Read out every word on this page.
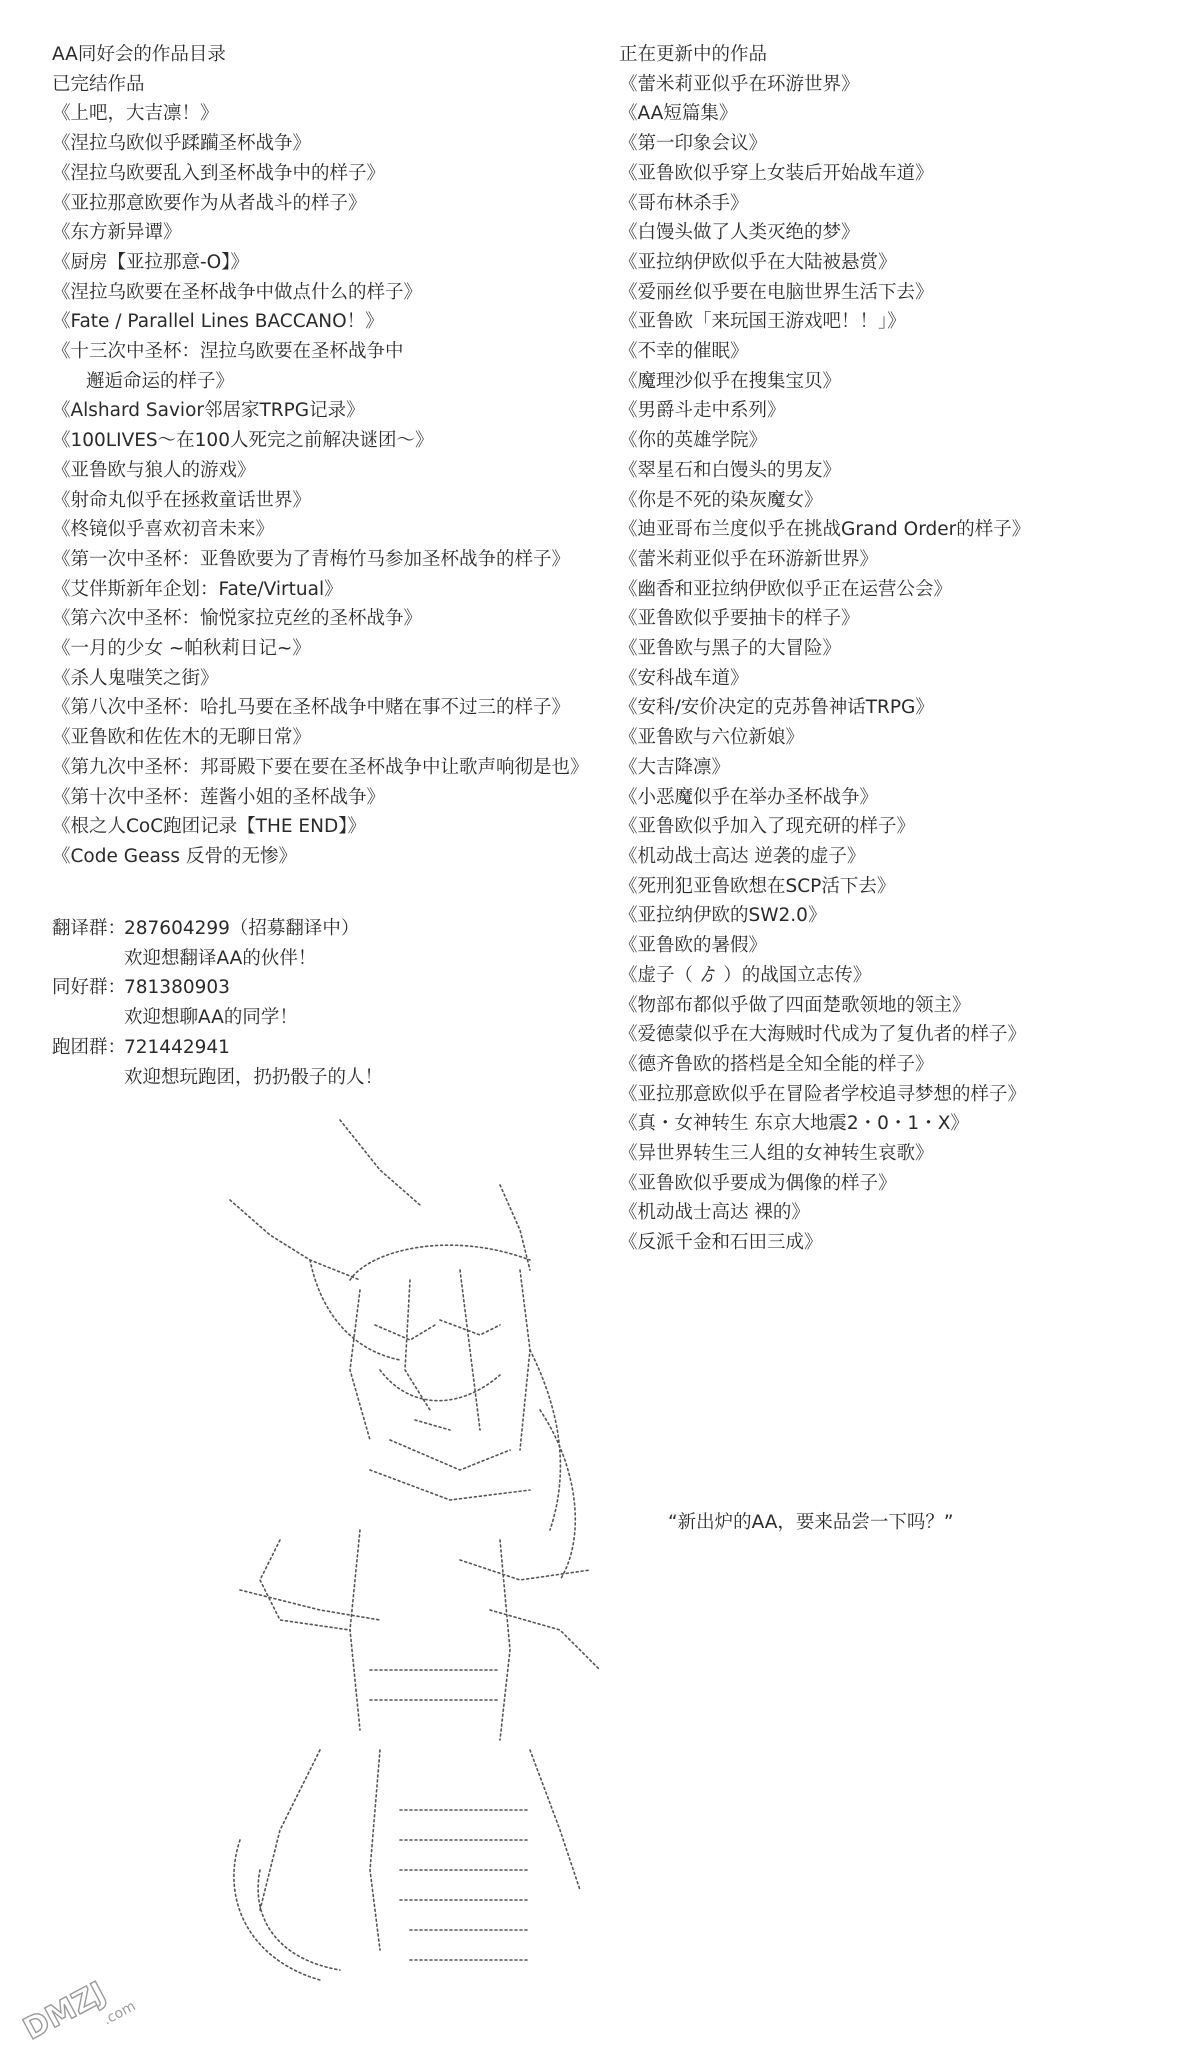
AA同好会的作品目录
已完结作品
《上吧，大吉凛！》
《涅拉乌欧似乎蹂躏圣杯战争》
《涅拉乌欧要乱入到圣杯战争中的样子》
《亚拉那意欧要作为从者战斗的样子》
《东方新异谭》
《厨房【亚拉那意-O】》
《涅拉乌欧要在圣杯战争中做点什么的样子》
《Fate / Parallel Lines BACCANO！》
《十三次中圣杯：涅拉乌欧要在圣杯战争中
邂逅命运的样子》
《Alshard Savior邻居家TRPG记录》
《100LIVES～在100人死完之前解决谜团～》
《亚鲁欧与狼人的游戏》
《射命丸似乎在拯救童话世界》
《柊镜似乎喜欢初音未来》
《第一次中圣杯：亚鲁欧要为了青梅竹马参加圣杯战争的样子》
《艾伴斯新年企划：Fate/Virtual》
《第六次中圣杯：愉悦家拉克丝的圣杯战争》
《一月的少女 ~帕秋莉日记~》
《杀人鬼嗤笑之街》
《第八次中圣杯：哈扎马要在圣杯战争中赌在事不过三的样子》
《亚鲁欧和佐佐木的无聊日常》
《第九次中圣杯：邦哥殿下要在要在圣杯战争中让歌声响彻是也》
《第十次中圣杯：莲酱小姐的圣杯战争》
《根之人CoC跑团记录【THE END】》
《Code Geass 反骨的无惨》
正在更新中的作品
《蕾米莉亚似乎在环游世界》
《AA短篇集》
《第一印象会议》
《亚鲁欧似乎穿上女装后开始战车道》
《哥布林杀手》
《白馒头做了人类灭绝的梦》
《亚拉纳伊欧似乎在大陆被悬赏》
《爱丽丝似乎要在电脑世界生活下去》
《亚鲁欧「来玩国王游戏吧！！」》
《不幸的催眠》
《魔理沙似乎在搜集宝贝》
《男爵斗走中系列》
《你的英雄学院》
《翠星石和白馒头的男友》
《你是不死的染灰魔女》
《迪亚哥布兰度似乎在挑战Grand Order的样子》
《蕾米莉亚似乎在环游新世界》
《幽香和亚拉纳伊欧似乎正在运营公会》
《亚鲁欧似乎要抽卡的样子》
《亚鲁欧与黑子的大冒险》
《安科战车道》
《安科/安价决定的克苏鲁神话TRPG》
《亚鲁欧与六位新娘》
《大吉降凛》
《小恶魔似乎在举办圣杯战争》
《亚鲁欧似乎加入了现充研的样子》
《机动战士高达 逆袭的虚子》
《死刑犯亚鲁欧想在SCP活下去》
《亚拉纳伊欧的SW2.0》
《亚鲁欧的暑假》
《虚子（ ゟ ）的战国立志传》
《物部布都似乎做了四面楚歌领地的领主》
《爱德蒙似乎在大海贼时代成为了复仇者的样子》
《德齐鲁欧的搭档是全知全能的样子》
《亚拉那意欧似乎在冒险者学校追寻梦想的样子》
《真・女神转生 东京大地震2・0・1・X》
《异世界转生三人组的女神转生哀歌》
《亚鲁欧似乎要成为偶像的样子》
《机动战士高达 裸的》
《反派千金和石田三成》
翻译群：287604299（招募翻译中）
欢迎想翻译AA的伙伴！
同好群：781380903
欢迎想聊AA的同学！
跑团群：721442941
欢迎想玩跑团，扔扔骰子的人！
“新出炉的AA，要来品尝一下吗？”
DMZJ
.com
